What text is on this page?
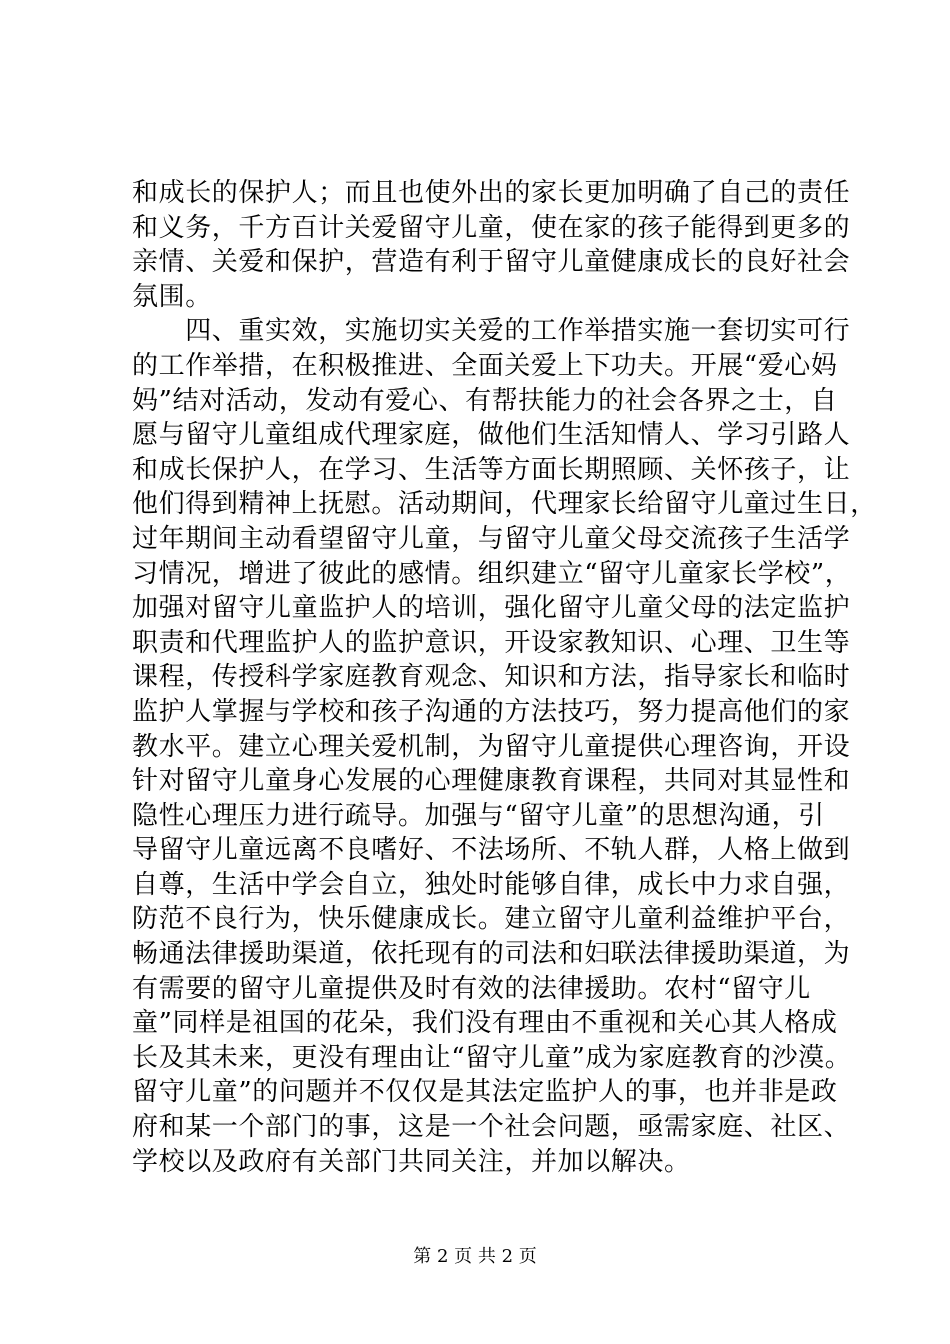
和成长的保护人；而且也使外出的家长更加明确了自己的责任
和义务，千方百计关爱留守儿童，使在家的孩子能得到更多的
亲情、关爱和保护，营造有利于留守儿童健康成长的良好社会
氛围。
　　四、重实效，实施切实关爱的工作举措实施一套切实可行
的工作举措，在积极推进、全面关爱上下功夫。开展“爱心妈
妈”结对活动，发动有爱心、有帮扶能力的社会各界之士，自
愿与留守儿童组成代理家庭，做他们生活知情人、学习引路人
和成长保护人，在学习、生活等方面长期照顾、关怀孩子，让
他们得到精神上抚慰。活动期间，代理家长给留守儿童过生日，
过年期间主动看望留守儿童，与留守儿童父母交流孩子生活学
习情况，增进了彼此的感情。组织建立“留守儿童家长学校”，
加强对留守儿童监护人的培训，强化留守儿童父母的法定监护
职责和代理监护人的监护意识，开设家教知识、心理、卫生等
课程，传授科学家庭教育观念、知识和方法，指导家长和临时
监护人掌握与学校和孩子沟通的方法技巧，努力提高他们的家
教水平。建立心理关爱机制，为留守儿童提供心理咨询，开设
针对留守儿童身心发展的心理健康教育课程，共同对其显性和
隐性心理压力进行疏导。加强与“留守儿童”的思想沟通，引
导留守儿童远离不良嗜好、不法场所、不轨人群，人格上做到
自尊，生活中学会自立，独处时能够自律，成长中力求自强，
防范不良行为，快乐健康成长。建立留守儿童利益维护平台，
畅通法律援助渠道，依托现有的司法和妇联法律援助渠道，为
有需要的留守儿童提供及时有效的法律援助。农村“留守儿
童”同样是祖国的花朵，我们没有理由不重视和关心其人格成
长及其未来，更没有理由让“留守儿童”成为家庭教育的沙漠。
留守儿童”的问题并不仅仅是其法定监护人的事，也并非是政
府和某一个部门的事，这是一个社会问题，亟需家庭、社区、
学校以及政府有关部门共同关注，并加以解决。
第 2 页 共 2 页
